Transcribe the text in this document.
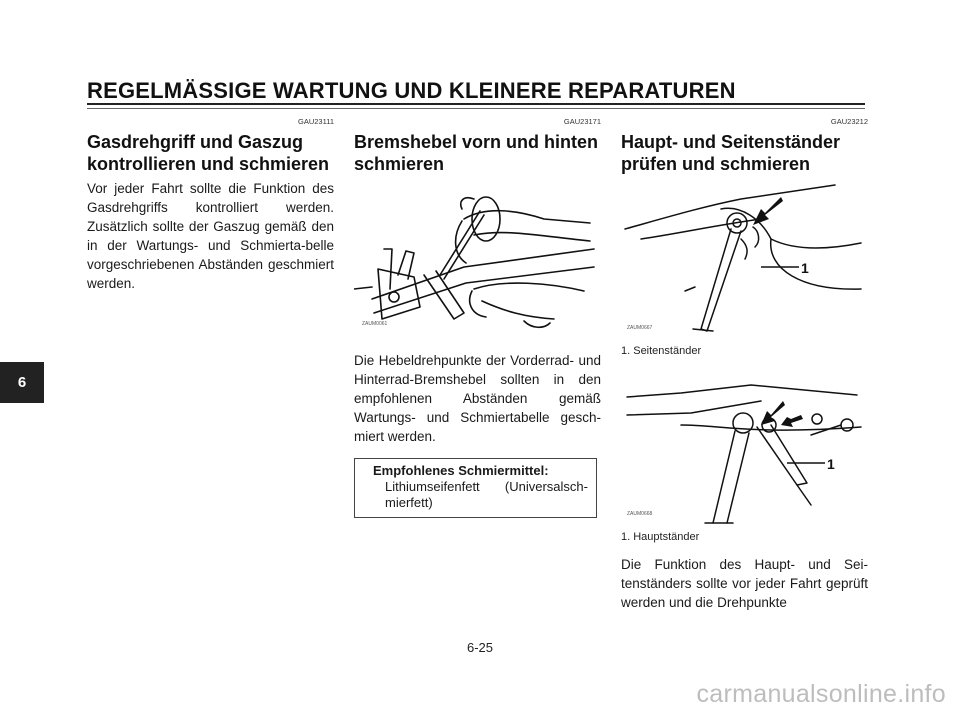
REGELMÄSSIGE WARTUNG UND KLEINERE REPARATUREN
6
GAU23111
Gasdrehgriff und Gaszug kontrollieren und schmieren

Vor jeder Fahrt sollte die Funktion des Gasdrehgriffs kontrolliert werden. Zusätzlich sollte der Gaszug gemäß den in der Wartungs- und Schmierta-belle vorgeschriebenen Abständen geschmiert werden.

GAU23171
Bremshebel vorn und hinten schmieren
ZAUM0061

Die Hebeldrehpunkte der Vorderrad- und Hinterrad-Bremshebel sollten in den empfohlenen Abständen gemäß Wartungs- und Schmiertabelle gesch-miert werden.

Empfohlenes Schmiermittel:
Lithiumseifenfett (Universalsch-mierfett)
GAU23212
Haupt- und Seitenständer prüfen und schmieren
1
ZAUM0667
1. Seitenständer
1
ZAUM0668
1. Hauptständer

Die Funktion des Haupt- und Sei-tenständers sollte vor jeder Fahrt geprüft werden und die Drehpunkte

6-25
carmanualsonline.info
